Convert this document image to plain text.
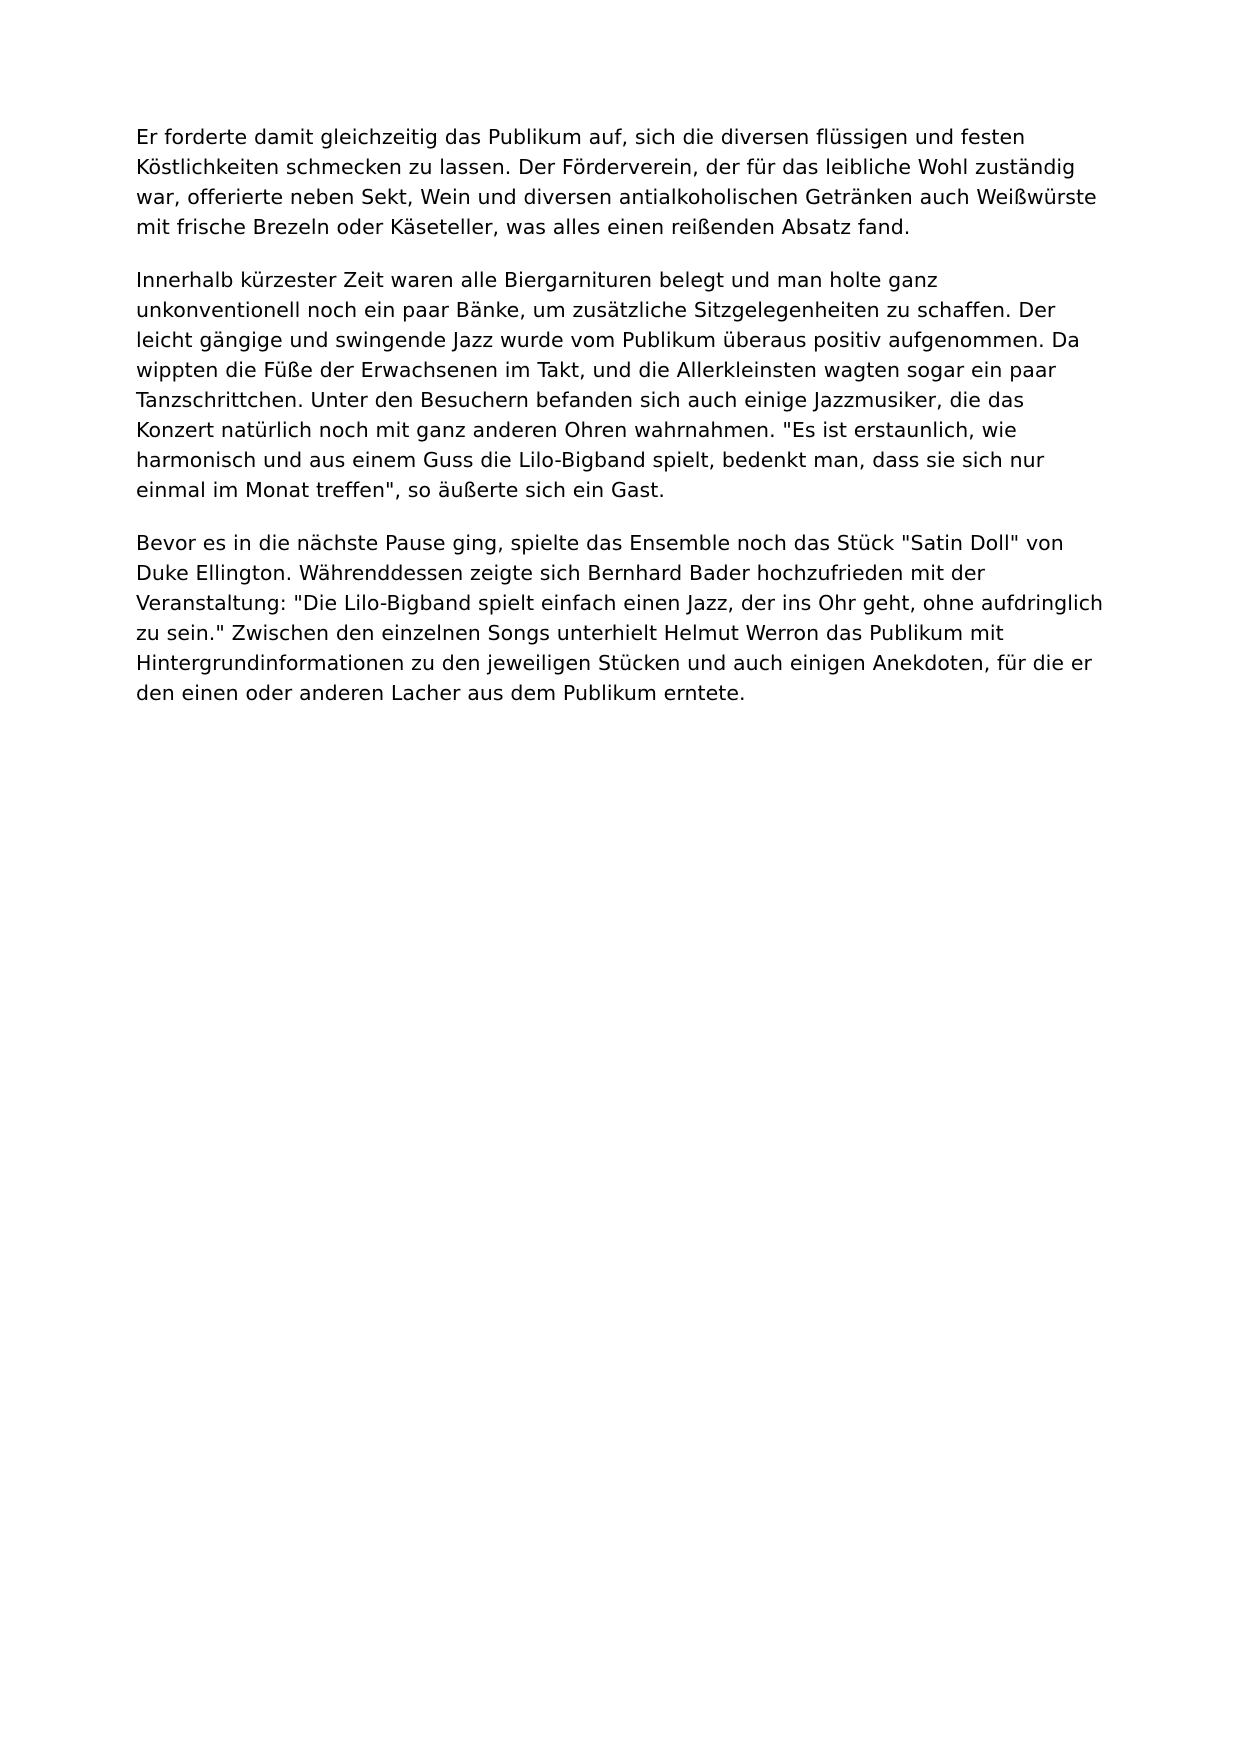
Er forderte damit gleichzeitig das Publikum auf, sich die diversen flüssigen und festen Köstlichkeiten schmecken zu lassen. Der Förderverein, der für das leibliche Wohl zuständig war, offerierte neben Sekt, Wein und diversen antialkoholischen Getränken auch Weißwürste mit frische Brezeln oder Käseteller, was alles einen reißenden Absatz fand.

Innerhalb kürzester Zeit waren alle Biergarnituren belegt und man holte ganz unkonventionell noch ein paar Bänke, um zusätzliche Sitzgelegenheiten zu schaffen. Der leicht gängige und swingende Jazz wurde vom Publikum überaus positiv aufgenommen. Da wippten die Füße der Erwachsenen im Takt, und die Allerkleinsten wagten sogar ein paar Tanzschrittchen. Unter den Besuchern befanden sich auch einige Jazzmusiker, die das Konzert natürlich noch mit ganz anderen Ohren wahrnahmen. "Es ist erstaunlich, wie harmonisch und aus einem Guss die Lilo-Bigband spielt, bedenkt man, dass sie sich nur einmal im Monat treffen", so äußerte sich ein Gast.

Bevor es in die nächste Pause ging, spielte das Ensemble noch das Stück "Satin Doll" von Duke Ellington. Währenddessen zeigte sich Bernhard Bader hochzufrieden mit der Veranstaltung: "Die Lilo-Bigband spielt einfach einen Jazz, der ins Ohr geht, ohne aufdringlich zu sein." Zwischen den einzelnen Songs unterhielt Helmut Werron das Publikum mit Hintergrundinformationen zu den jeweiligen Stücken und auch einigen Anekdoten, für die er den einen oder anderen Lacher aus dem Publikum erntete.
